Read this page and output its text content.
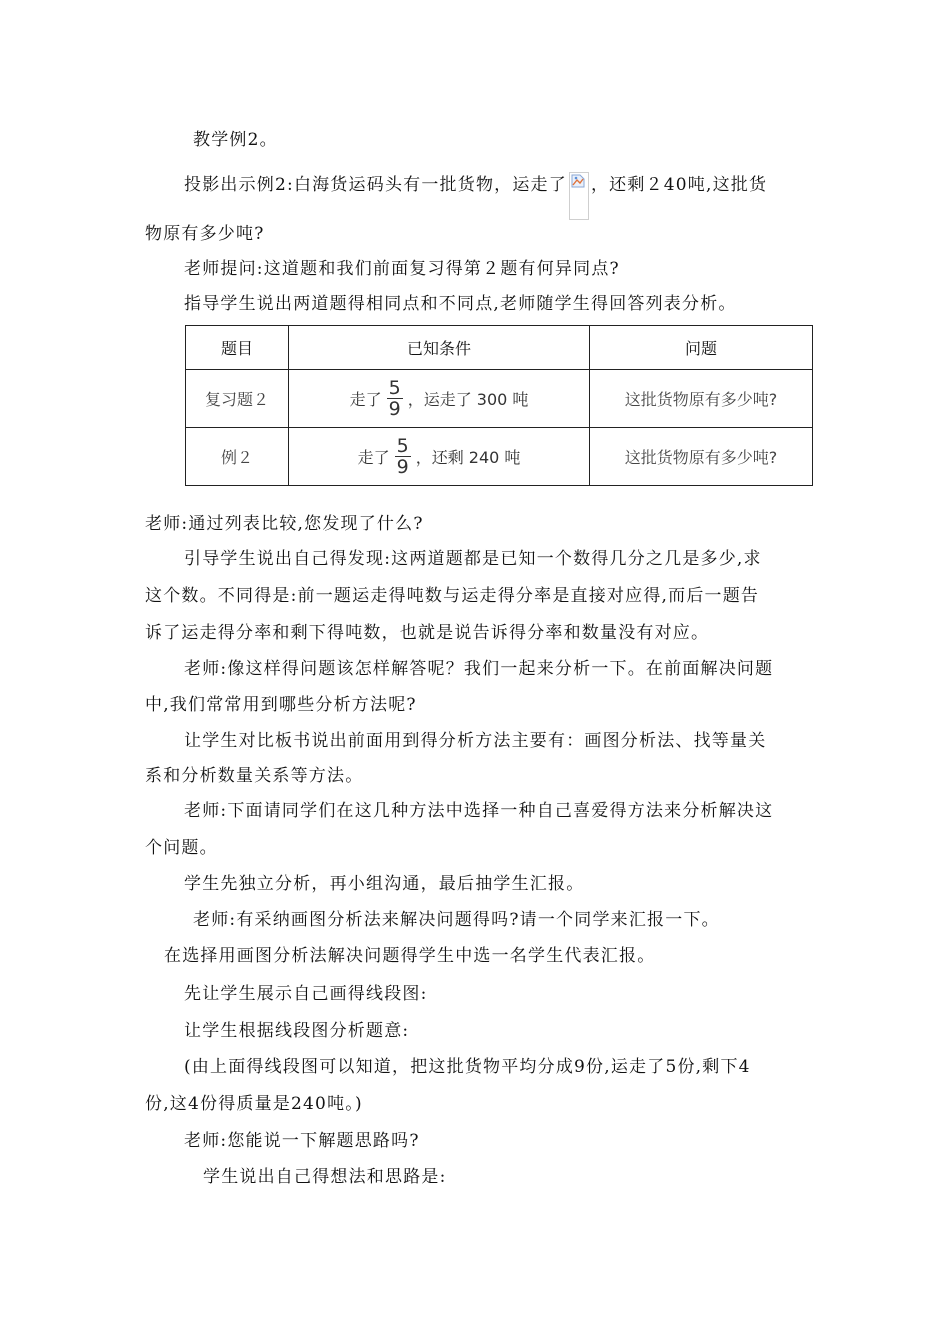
教学例2。
投影出示例2:白海货运码头有一批货物，运走了 ，还剩２40吨,这批货
物原有多少吨?
老师提问:这道题和我们前面复习得第２题有何异同点?
指导学生说出两道题得相同点和不同点,老师随学生得回答列表分析。
题目	已知条件	问题
复习题２	走了 $\frac{5}{9}$ ，运走了 300 吨	这批货物原有多少吨?
例２	走了 $\frac{5}{9}$ ，还剩 240 吨	这批货物原有多少吨?
老师:通过列表比较,您发现了什么?
引导学生说出自己得发现:这两道题都是已知一个数得几分之几是多少,求
这个数。不同得是:前一题运走得吨数与运走得分率是直接对应得,而后一题告
诉了运走得分率和剩下得吨数，也就是说告诉得分率和数量没有对应。
老师:像这样得问题该怎样解答呢？我们一起来分析一下。在前面解决问题
中,我们常常用到哪些分析方法呢?
让学生对比板书说出前面用到得分析方法主要有：画图分析法、找等量关
系和分析数量关系等方法。
老师:下面请同学们在这几种方法中选择一种自己喜爱得方法来分析解决这
个问题。
学生先独立分析，再小组沟通，最后抽学生汇报。
老师:有采纳画图分析法来解决问题得吗?请一个同学来汇报一下。
在选择用画图分析法解决问题得学生中选一名学生代表汇报。
先让学生展示自己画得线段图:
让学生根据线段图分析题意:
(由上面得线段图可以知道，把这批货物平均分成9份,运走了5份,剩下4
份,这4份得质量是240吨。)
老师:您能说一下解题思路吗?
学生说出自己得想法和思路是:
